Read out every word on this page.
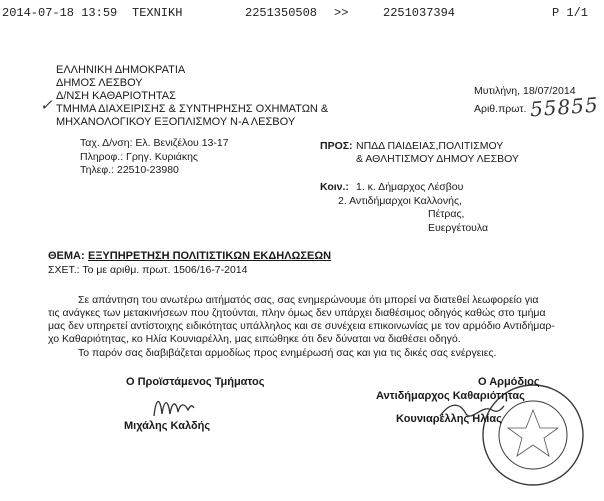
2014-07-18 13:59 ΤΕΧΝΙΚΗ	2251350508 >>	2251037394	P 1/1
ΕΛΛΗΝΙΚΗ ΔΗΜΟΚΡΑΤΙΑ
ΔΗΜΟΣ ΛΕΣΒΟΥ
Δ/ΝΣΗ ΚΑΘΑΡΙΟΤΗΤΑΣ
✓ ΤΜΗΜΑ ΔΙΑΧΕΙΡΙΣΗΣ & ΣΥΝΤΗΡΗΣΗΣ ΟΧΗΜΑΤΩΝ &
ΜΗΧΑΝΟΛΟΓΙΚΟΥ ΕΞΟΠΛΙΣΜΟΥ Ν-Α ΛΕΣΒΟΥ
Ταχ. Δ/νση: Ελ. Βενιζέλου 13-17
Πληροφ.: Γρηγ. Κυριάκης
Τηλεφ.: 22510-23980
Μυτιλήνη, 18/07/2014
Αριθ.πρωτ. 55855
ΠΡΟΣ: ΝΠΔΔ ΠΑΙΔΕΙΑΣ,ΠΟΛΙΤΙΣΜΟΥ
& ΑΘΛΗΤΙΣΜΟΥ ΔΗΜΟΥ ΛΕΣΒΟΥ
Κοιν.: 1. κ. Δήμαρχος Λέσβου
2. Αντιδήμαρχοι Καλλονής,
Πέτρας,
Ευεργέτουλα
ΘΕΜΑ: ΕΞΥΠΗΡΕΤΗΣΗ ΠΟΛΙΤΙΣΤΙΚΩΝ ΕΚΔΗΛΩΣΕΩΝ
ΣΧΕΤ.: Το με αριθμ. πρωτ. 1506/16-7-2014
Σε απάντηση του ανωτέρω αιτήματός σας, σας ενημερώνουμε ότι μπορεί να διατεθεί λεωφορείο για
τις ανάγκες των μετακινήσεων που ζητούνται, πλην όμως δεν υπάρχει διαθέσιμος οδηγός καθώς στο τμήμα
μας δεν υπηρετεί αντίστοιχης ειδικότητας υπάλληλος και σε συνέχεια επικοινωνίας με τον αρμόδιο Αντιδήμαρ-
χο Καθαριότητας, κο Ηλία Κουνιαρέλλη, μας ειπώθηκε ότι δεν δύναται να διαθέσει οδηγό.
Το παρόν σας διαβιβάζεται αρμοδίως προς ενημέρωσή σας και για τις δικές σας ενέργειες.
Ο Προϊστάμενος Τμήματος
Μιχάλης Καλδής
Ο Αρμόδιος
Αντιδήμαρχος Καθαριότητας
Κουνιαρέλλης Ηλίας
